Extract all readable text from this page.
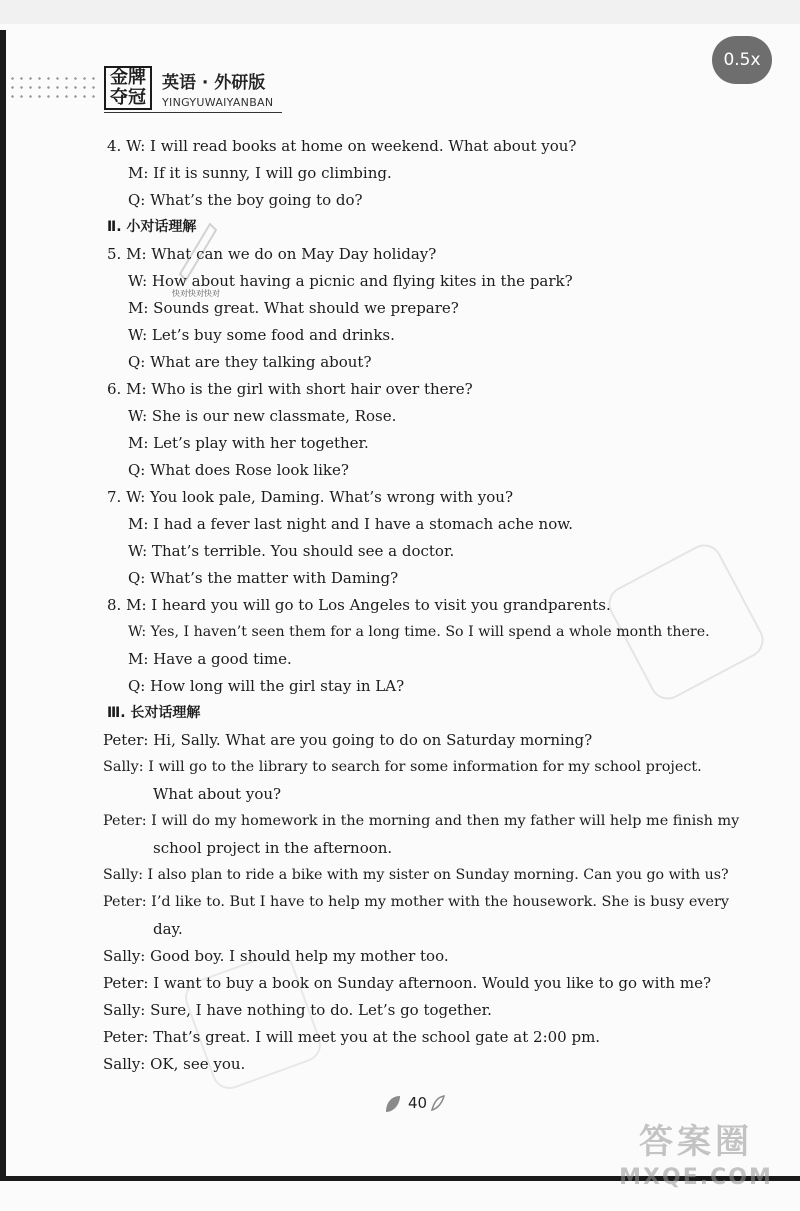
金牌
夺冠
英语 · 外研版
YINGYUWAIYANBAN
0.5x
快对快对快对
4. W: I will read books at home on weekend. What about you?
M: If it is sunny, I will go climbing.
Q: What’s the boy going to do?
Ⅱ. 小对话理解
5. M: What can we do on May Day holiday?
W: How about having a picnic and flying kites in the park?
M: Sounds great. What should we prepare?
W: Let’s buy some food and drinks.
Q: What are they talking about?
6. M: Who is the girl with short hair over there?
W: She is our new classmate, Rose.
M: Let’s play with her together.
Q: What does Rose look like?
7. W: You look pale, Daming. What’s wrong with you?
M: I had a fever last night and I have a stomach ache now.
W: That’s terrible. You should see a doctor.
Q: What’s the matter with Daming?
8. M: I heard you will go to Los Angeles to visit you grandparents.
W: Yes, I haven’t seen them for a long time. So I will spend a whole month there.
M: Have a good time.
Q: How long will the girl stay in LA?
Ⅲ. 长对话理解
Peter: Hi, Sally. What are you going to do on Saturday morning?
Sally: I will go to the library to search for some information for my school project.
What about you?
Peter: I will do my homework in the morning and then my father will help me finish my
school project in the afternoon.
Sally: I also plan to ride a bike with my sister on Sunday morning. Can you go with us?
Peter: I’d like to. But I have to help my mother with the housework. She is busy every
day.
Sally: Good boy. I should help my mother too.
Peter: I want to buy a book on Sunday afternoon. Would you like to go with me?
Sally: Sure, I have nothing to do. Let’s go together.
Peter: That’s great. I will meet you at the school gate at 2:00 pm.
Sally: OK, see you.
40
答案圈
MXQE.COM
